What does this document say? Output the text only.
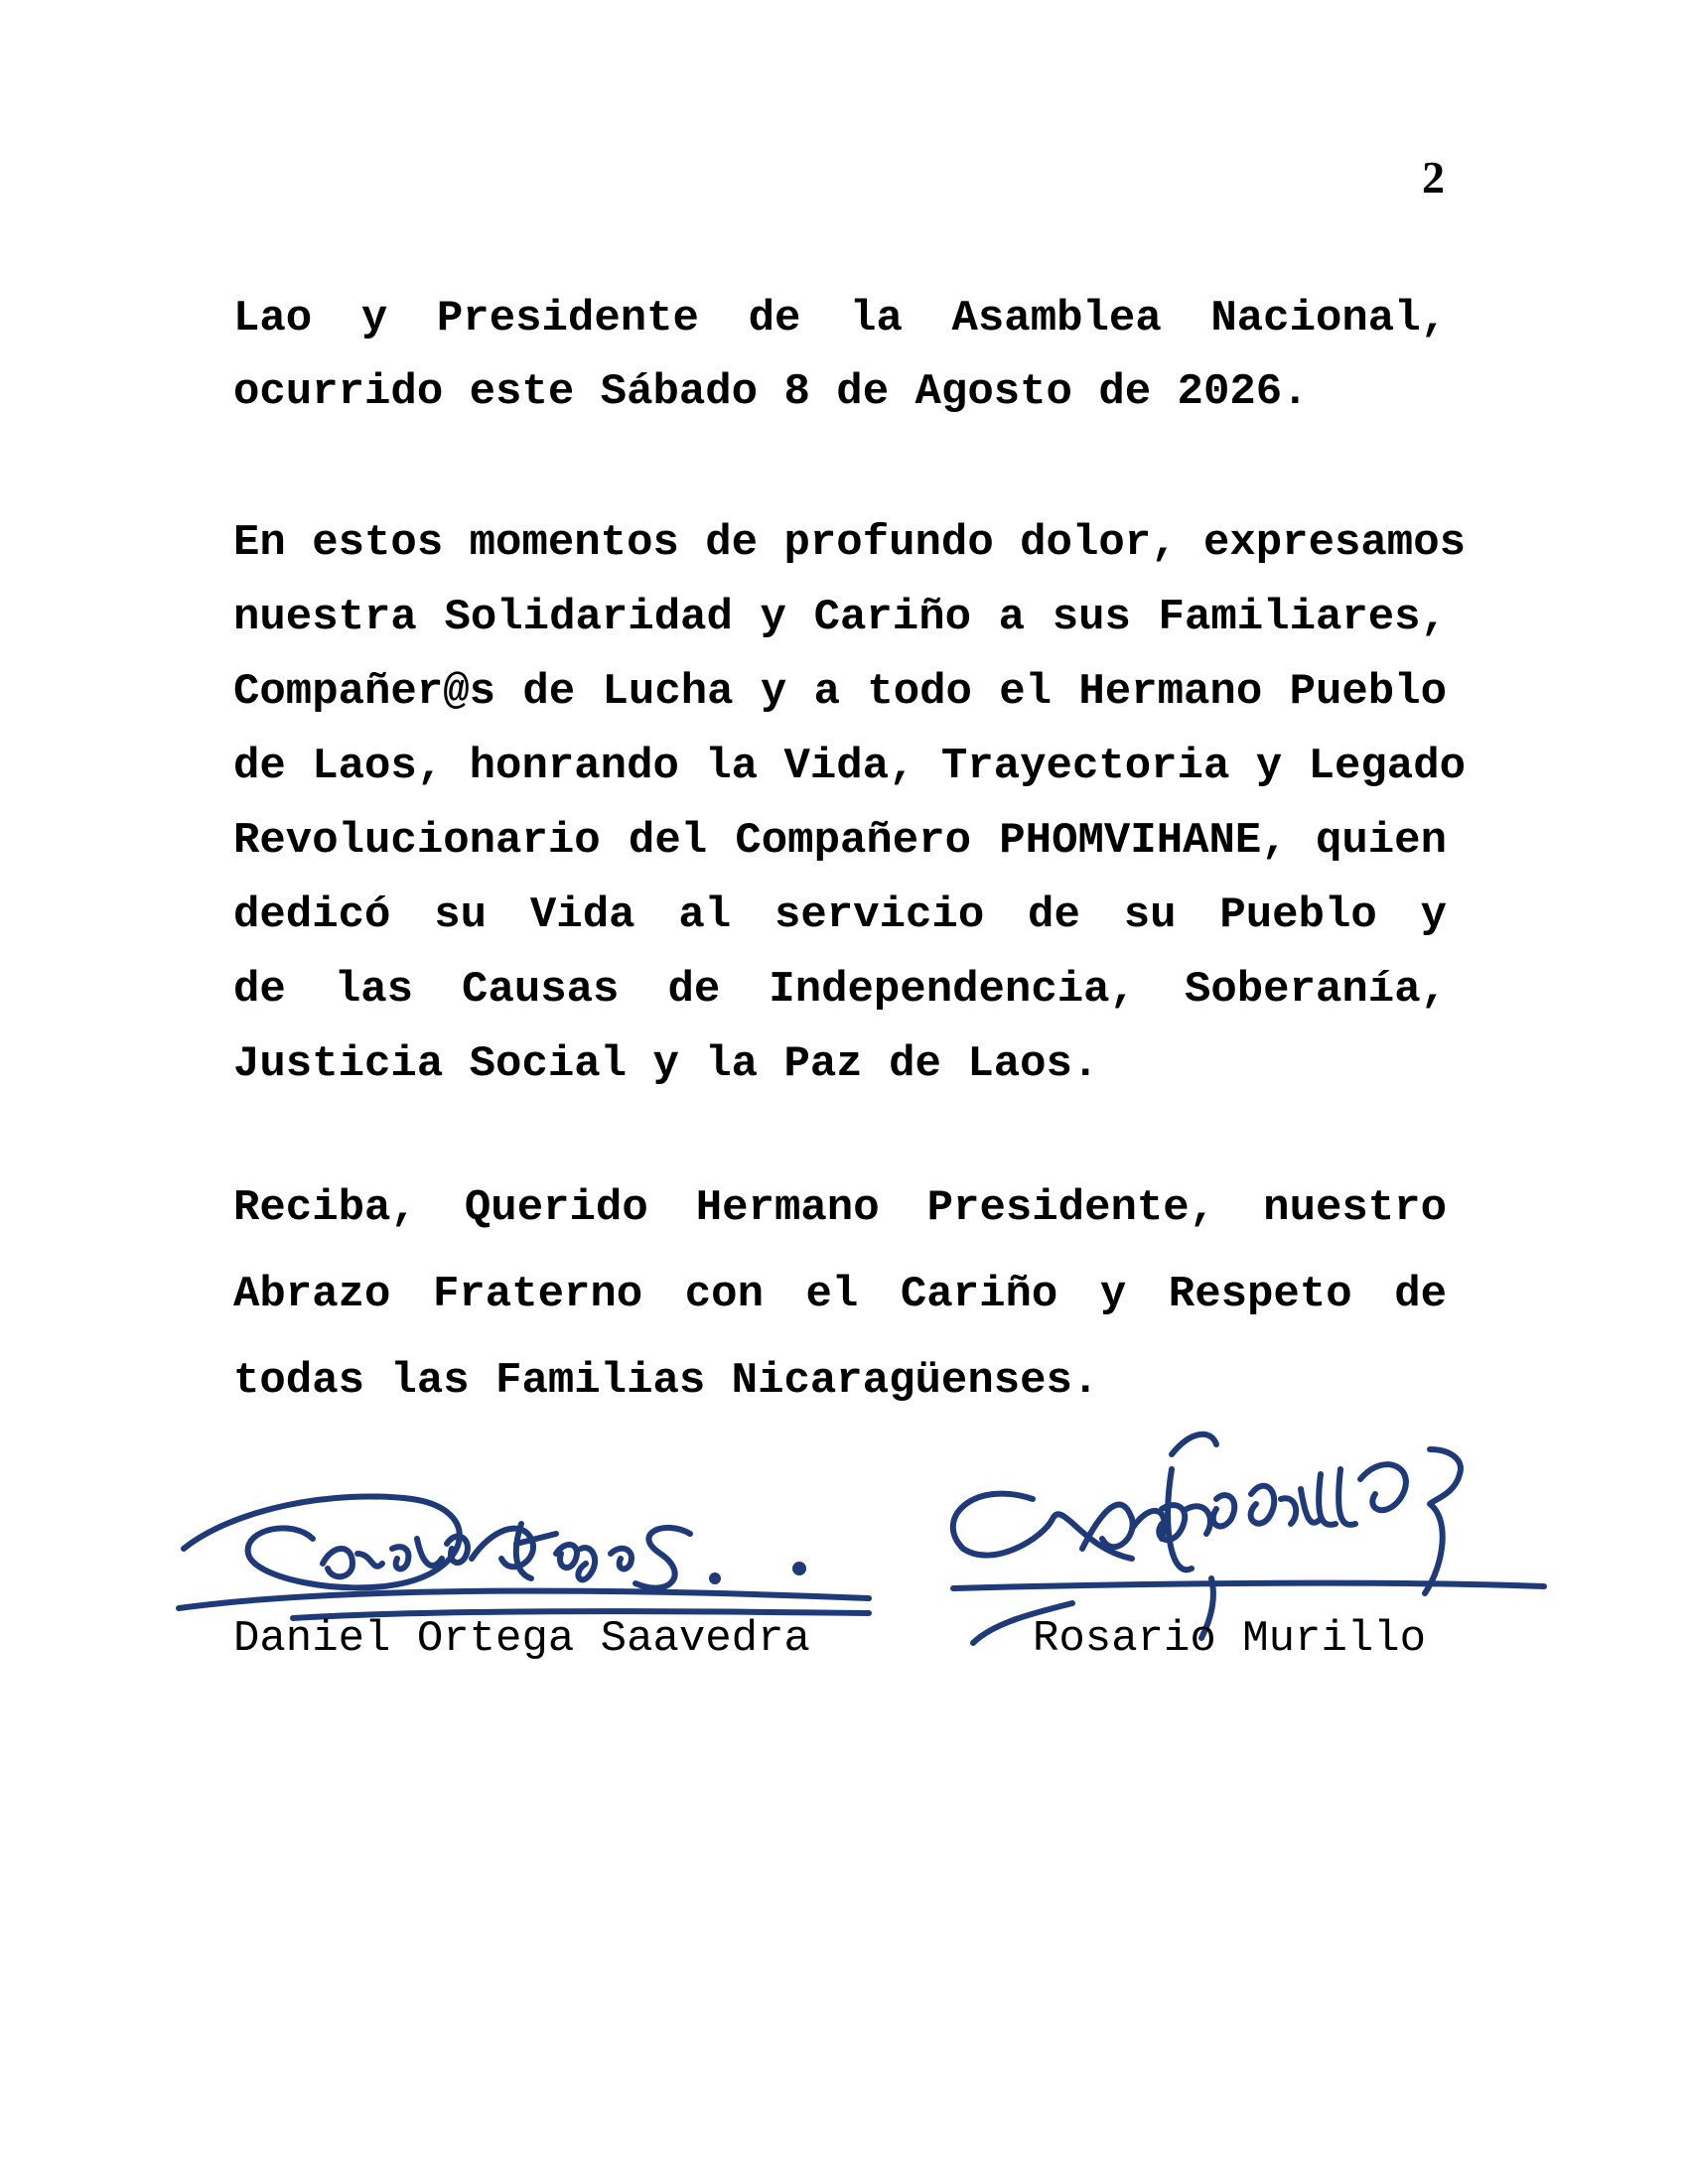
2
Lao y Presidente de la Asamblea Nacional,
ocurrido este Sábado 8 de Agosto de 2026.
En estos momentos de profundo dolor, expresamos
nuestra Solidaridad y Cariño a sus Familiares,
Compañer@s de Lucha y a todo el Hermano Pueblo
de Laos, honrando la Vida, Trayectoria y Legado
Revolucionario del Compañero PHOMVIHANE, quien
dedicó su Vida al servicio de su Pueblo y
de las Causas de Independencia, Soberanía,
Justicia Social y la Paz de Laos.
Reciba, Querido Hermano Presidente, nuestro
Abrazo Fraterno con el Cariño y Respeto de
todas las Familias Nicaragüenses.
Daniel Ortega Saavedra	Rosario Murillo
